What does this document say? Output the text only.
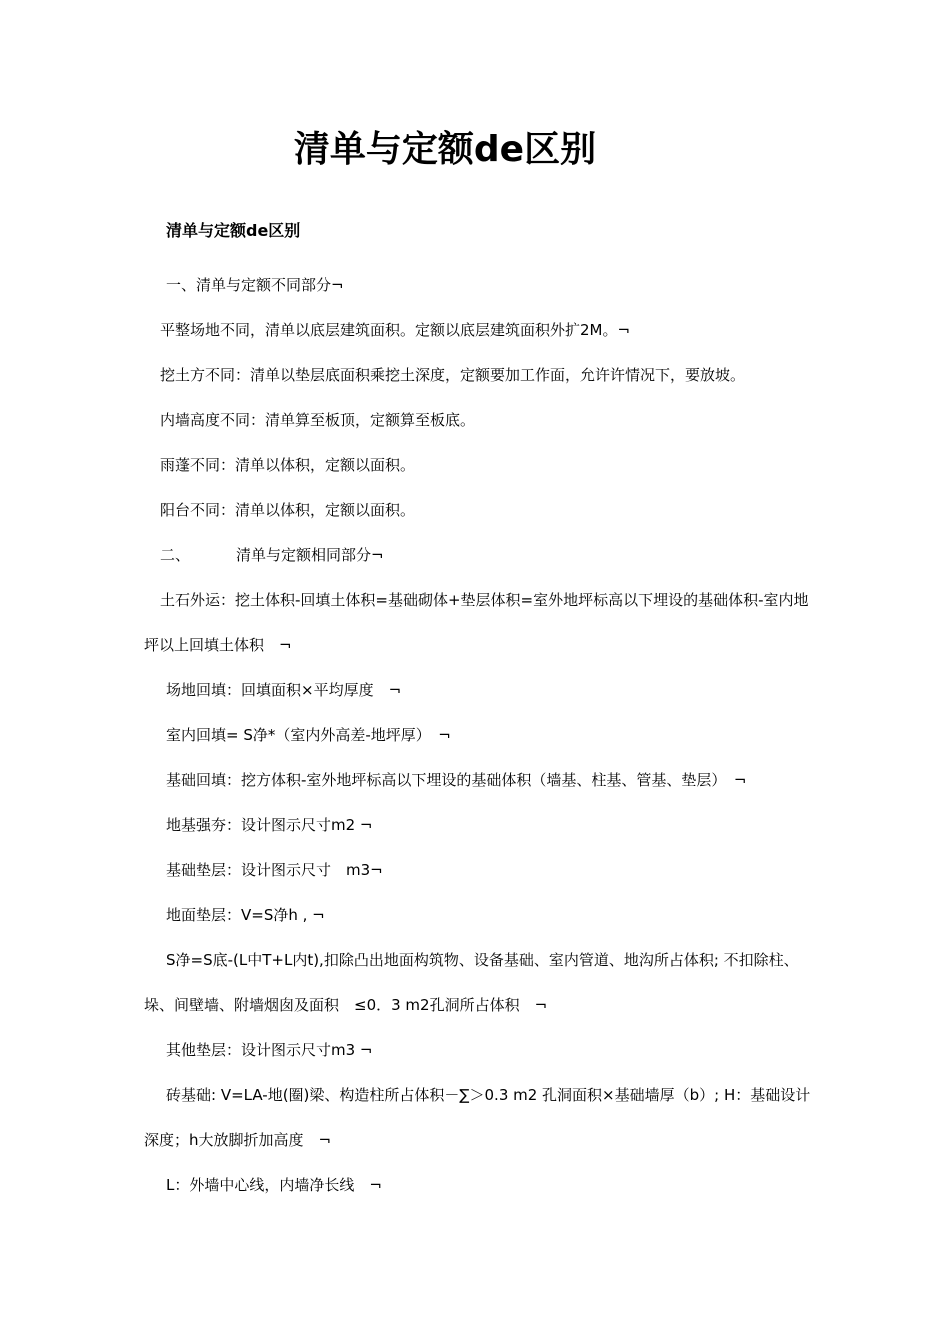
清单与定额de区别
清单与定额de区别

一、清单与定额不同部分¬

平整场地不同，清单以底层建筑面积。定额以底层建筑面积外扩2M。¬

挖土方不同：清单以垫层底面积乘挖土深度，定额要加工作面，允许许情况下，要放坡。

内墙高度不同：清单算至板顶，定额算至板底。

雨蓬不同：清单以体积，定额以面积。

阳台不同：清单以体积，定额以面积。

二、	清单与定额相同部分¬

土石外运：挖土体积-回填土体积=基础砌体+垫层体积=室外地坪标高以下埋设的基础体积-室内地坪以上回填土体积　¬

场地回填：回填面积×平均厚度　¬

室内回填= S净*（室内外高差-地坪厚）　¬

基础回填：挖方体积-室外地坪标高以下埋设的基础体积（墙基、柱基、管基、垫层）　¬

地基强夯：设计图示尺寸m2 ¬

基础垫层：设计图示尺寸　m3¬

地面垫层：V=S净h , ¬

S净=S底-(L中T+L内t),扣除凸出地面构筑物、设备基础、室内管道、地沟所占体积; 不扣除柱、垛、间壁墙、附墙烟囱及面积　≤0．3 m2孔洞所占体积　¬

其他垫层：设计图示尺寸m3 ¬

砖基础: V=LA-地(圈)梁、构造柱所占体积－∑＞0.3 m2 孔洞面积×基础墙厚（b）; H：基础设计深度；h大放脚折加高度　¬

L：外墙中心线，内墙净长线　¬
